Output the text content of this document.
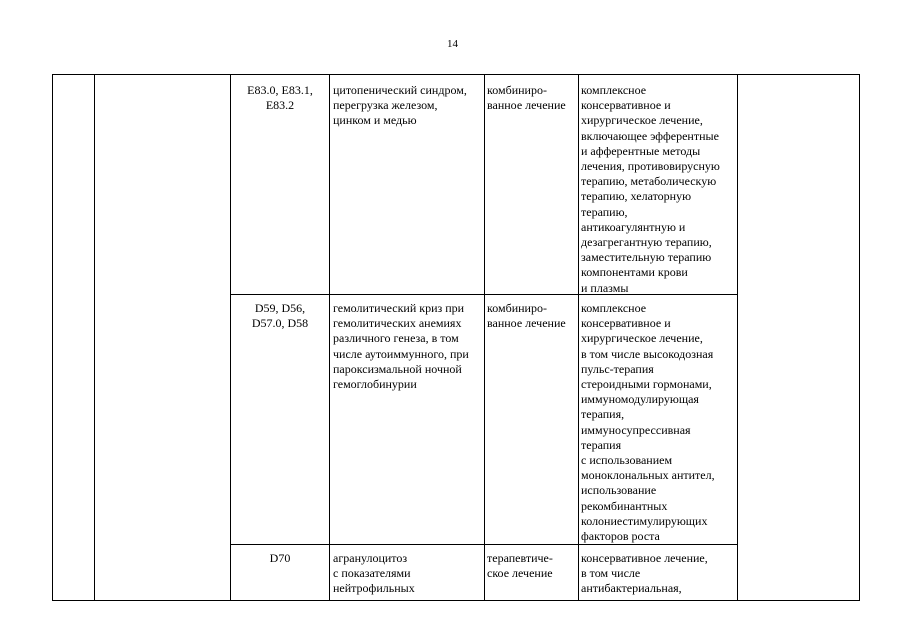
14
E83.0, E83.1,
E83.2
цитопенический синдром,
перегрузка железом,
цинком и медью
комбиниро-
ванное лечение
комплексное
консервативное и
хирургическое лечение,
включающее эфферентные
и афферентные методы
лечения, противовирусную
терапию, метаболическую
терапию, хелаторную
терапию,
антикоагулянтную и
дезагрегантную терапию,
заместительную терапию
компонентами крови
и плазмы
D59, D56,
D57.0, D58
гемолитический криз при
гемолитических анемиях
различного генеза, в том
числе аутоиммунного, при
пароксизмальной ночной
гемоглобинурии
комбиниро-
ванное лечение
комплексное
консервативное и
хирургическое лечение,
в том числе высокодозная
пульс-терапия
стероидными гормонами,
иммуномодулирующая
терапия,
иммуносупрессивная
терапия
с использованием
моноклональных антител,
использование
рекомбинантных
колониестимулирующих
факторов роста
D70	агранулоцитоз
с показателями
нейтрофильных
терапевтиче-
ское лечение
консервативное лечение,
в том числе
антибактериальная,
